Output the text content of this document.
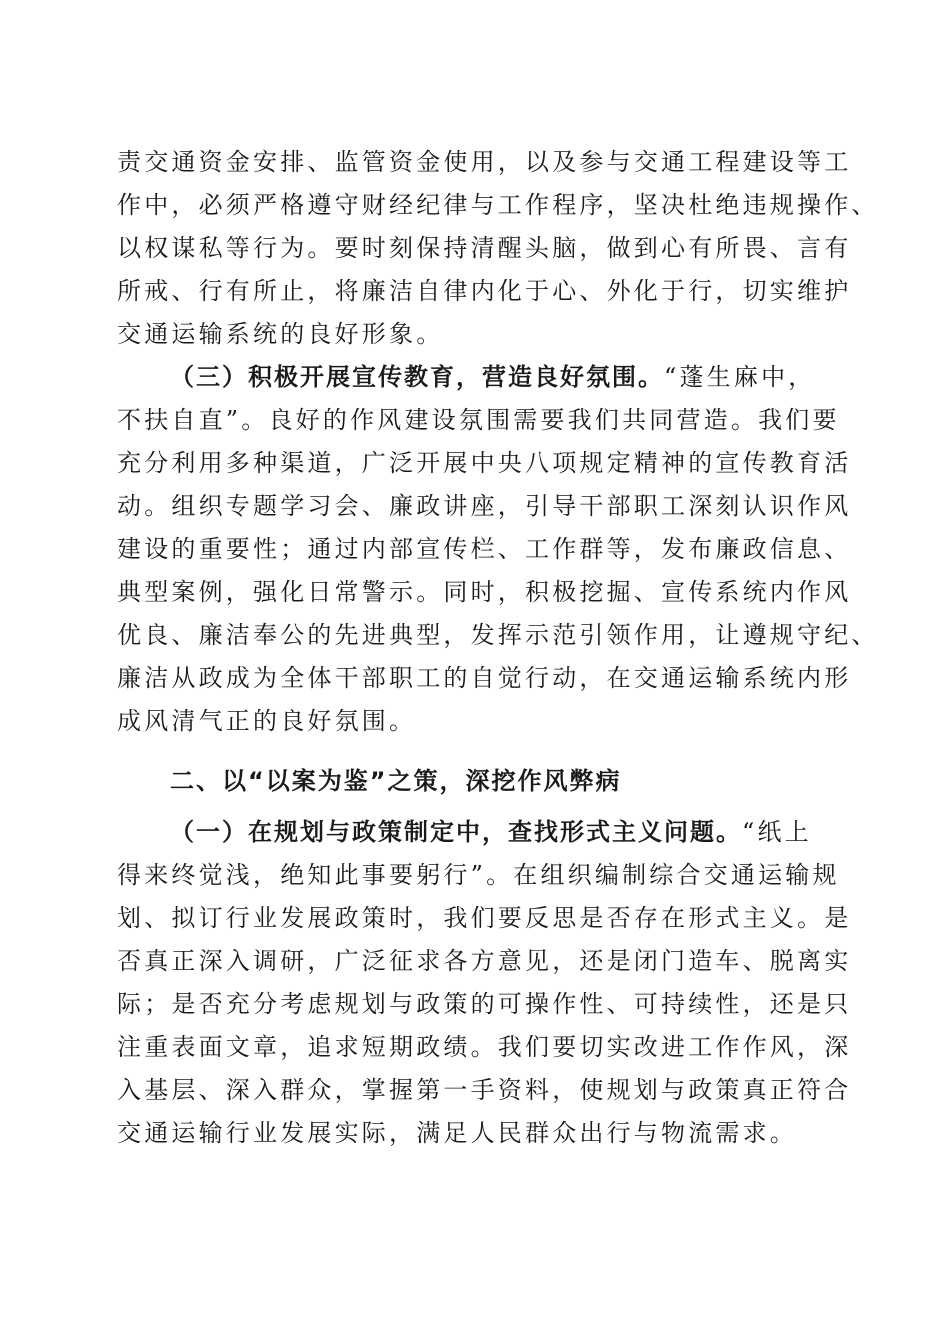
责交通资金安排、监管资金使用，以及参与交通工程建设等工
作中，必须严格遵守财经纪律与工作程序，坚决杜绝违规操作、
以权谋私等行为。要时刻保持清醒头脑，做到心有所畏、言有
所戒、行有所止，将廉洁自律内化于心、外化于行，切实维护
交通运输系统的良好形象。
（三）积极开展宣传教育，营造良好氛围。“蓬生麻中，
不扶自直”。良好的作风建设氛围需要我们共同营造。我们要
充分利用多种渠道，广泛开展中央八项规定精神的宣传教育活
动。组织专题学习会、廉政讲座，引导干部职工深刻认识作风
建设的重要性；通过内部宣传栏、工作群等，发布廉政信息、
典型案例，强化日常警示。同时，积极挖掘、宣传系统内作风
优良、廉洁奉公的先进典型，发挥示范引领作用，让遵规守纪、
廉洁从政成为全体干部职工的自觉行动，在交通运输系统内形
成风清气正的良好氛围。
二、以“以案为鉴”之策，深挖作风弊病
（一）在规划与政策制定中，查找形式主义问题。“纸上
得来终觉浅，绝知此事要躬行”。在组织编制综合交通运输规
划、拟订行业发展政策时，我们要反思是否存在形式主义。是
否真正深入调研，广泛征求各方意见，还是闭门造车、脱离实
际；是否充分考虑规划与政策的可操作性、可持续性，还是只
注重表面文章，追求短期政绩。我们要切实改进工作作风，深
入基层、深入群众，掌握第一手资料，使规划与政策真正符合
交通运输行业发展实际，满足人民群众出行与物流需求。
